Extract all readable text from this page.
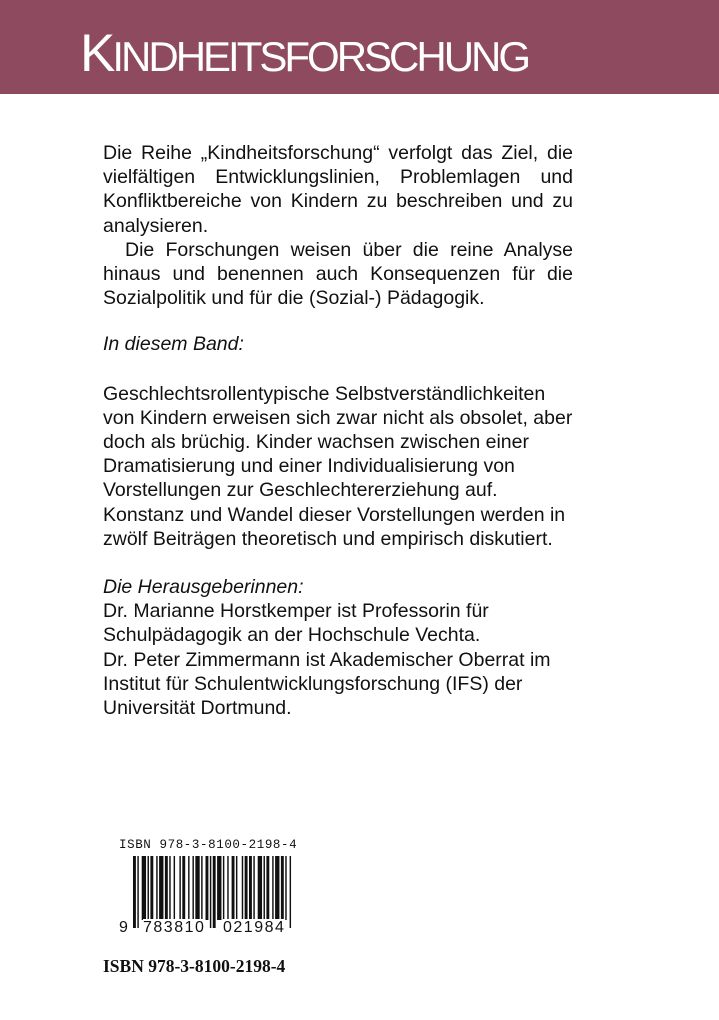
KINDHEITSFORSCHUNG

Die Reihe „Kindheitsforschung“ verfolgt das Ziel, die vielfältigen Entwicklungslinien, Problemlagen und Konfliktbereiche von Kindern zu beschreiben und zu analysieren.

Die Forschungen weisen über die reine Analyse hinaus und benennen auch Konsequenzen für die Sozialpolitik und für die (Sozial-) Pädagogik.

In diesem Band:

Geschlechtsrollentypische Selbstverständlichkeiten von Kindern erweisen sich zwar nicht als obsolet, aber doch als brüchig. Kinder wachsen zwischen einer Dramatisierung und einer Individualisierung von Vorstellungen zur Geschlechtererziehung auf. Konstanz und Wandel dieser Vorstellungen werden in zwölf Beiträgen theoretisch und empirisch diskutiert.

Die Herausgeberinnen:

Dr. Marianne Horstkemper ist Professorin für Schulpädagogik an der Hochschule Vechta.

Dr. Peter Zimmermann ist Akademischer Oberrat im Institut für Schulentwicklungsforschung (IFS) der Universität Dortmund.

ISBN 978-3-8100-2198-4
9 783810 021984
ISBN 978-3-8100-2198-4
